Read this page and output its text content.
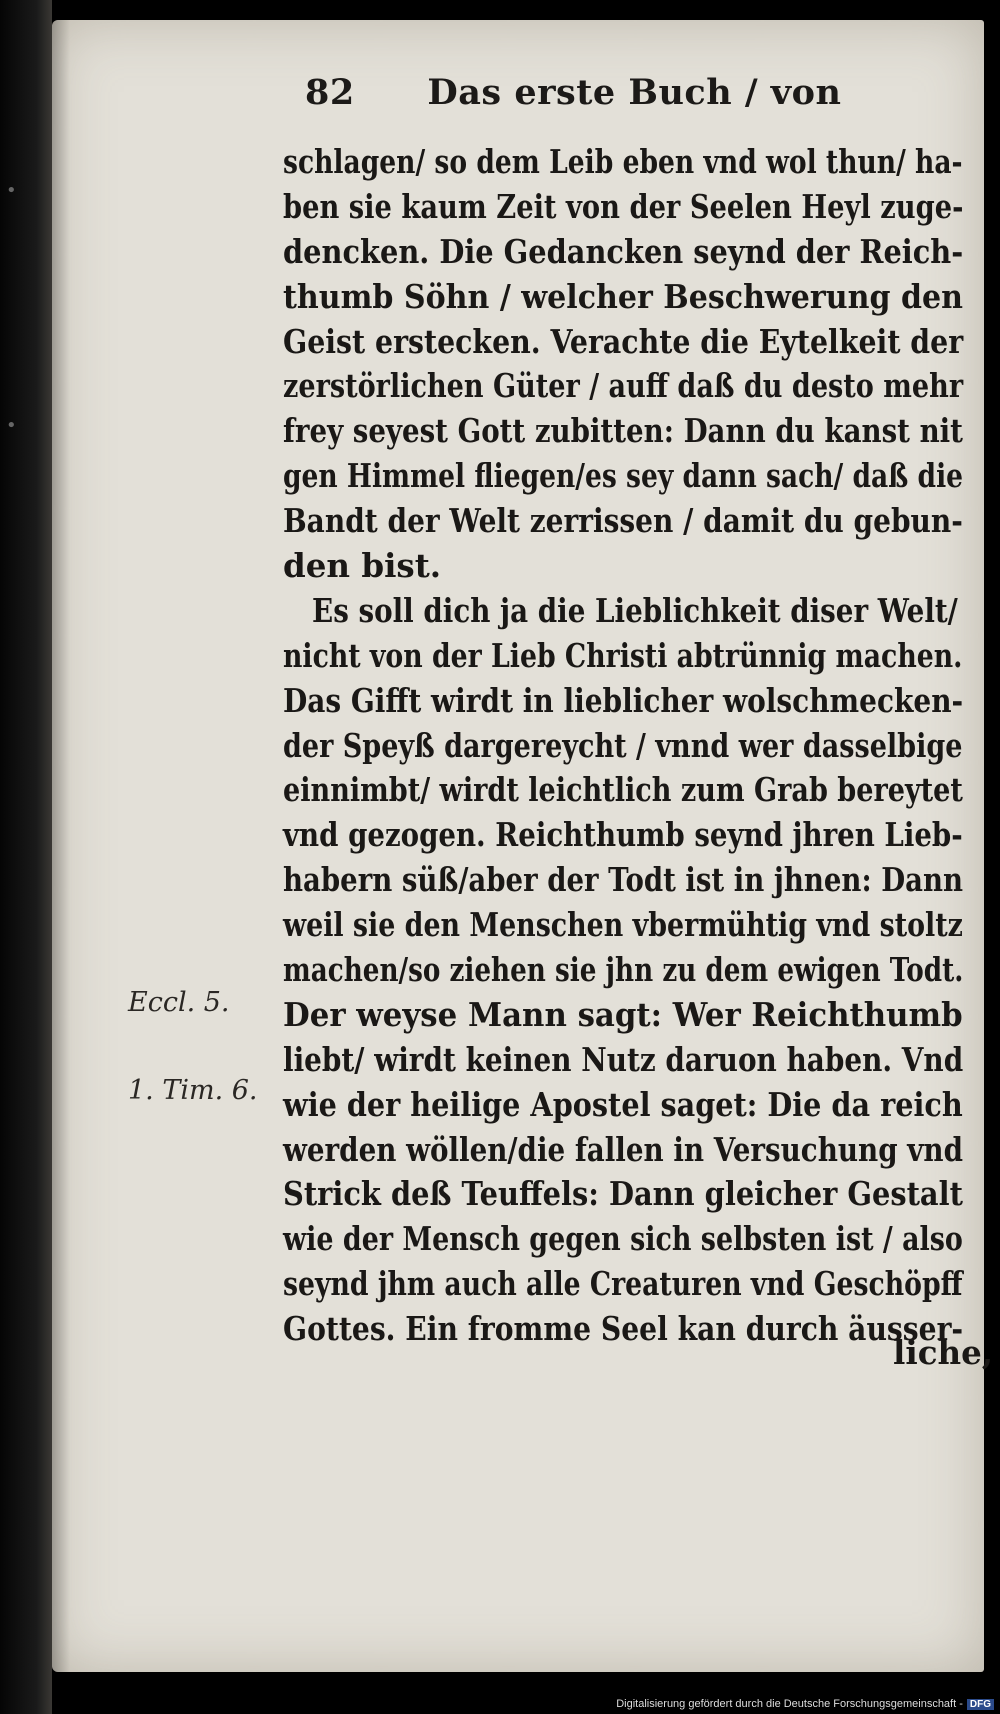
•
•
82 Das erste Buch / von
schlagen/ so dem Leib eben vnd wol thun/ ha-
ben sie kaum Zeit von der Seelen Heyl zuge-
dencken. Die Gedancken seynd der Reich-
thumb Söhn / welcher Beschwerung den
Geist erstecken. Verachte die Eytelkeit der
zerstörlichen Güter / auff daß du desto mehr
frey seyest Gott zubitten: Dann du kanst nit
gen Himmel fliegen/es sey dann sach/ daß die
Bandt der Welt zerrissen / damit du gebun-
den bist.
Es soll dich ja die Lieblichkeit diser Welt/
nicht von der Lieb Christi abtrünnig machen.
Das Gifft wirdt in lieblicher wolschmecken-
der Speyß dargereycht / vnnd wer dasselbige
einnimbt/ wirdt leichtlich zum Grab bereytet
vnd gezogen. Reichthumb seynd jhren Lieb-
habern süß/aber der Todt ist in jhnen: Dann
weil sie den Menschen vbermühtig vnd stoltz
machen/so ziehen sie jhn zu dem ewigen Todt.
Der weyse Mann sagt: Wer Reichthumb
liebt/ wirdt keinen Nutz daruon haben. Vnd
wie der heilige Apostel saget: Die da reich
werden wöllen/die fallen in Versuchung vnd
Strick deß Teuffels: Dann gleicher Gestalt
wie der Mensch gegen sich selbsten ist / also
seynd jhm auch alle Creaturen vnd Geschöpff
Gottes. Ein fromme Seel kan durch äusser-
liche,
Eccl. 5.
1. Tim. 6.
Digitalisierung gefördert durch die Deutsche Forschungsgemeinschaft - DFG
